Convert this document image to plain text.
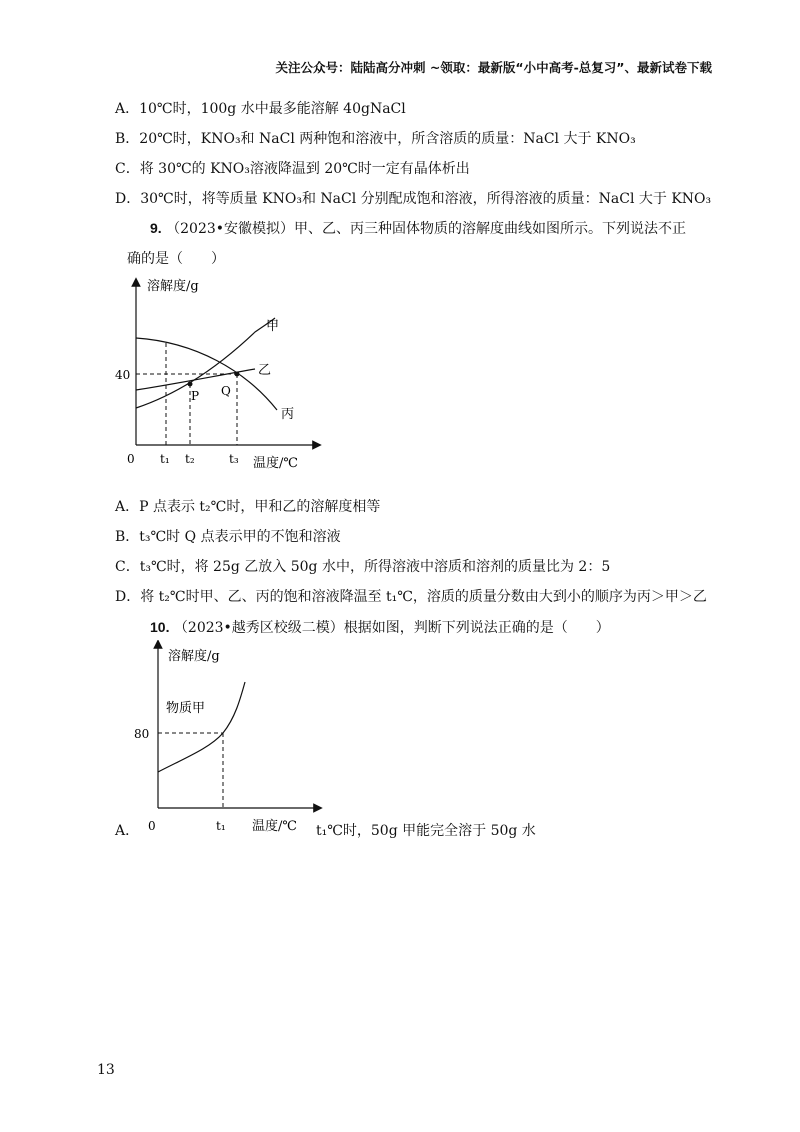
关注公众号：陆陆高分冲刺 ~领取：最新版“小中高考-总复习”、最新试卷下载
A．10℃时，100g 水中最多能溶解 40gNaCl
B．20℃时，KNO₃和 NaCl 两种饱和溶液中，所含溶质的质量：NaCl 大于 KNO₃
C．将 30℃的 KNO₃溶液降温到 20℃时一定有晶体析出
D．30℃时，将等质量 KNO₃和 NaCl 分别配成饱和溶液，所得溶液的质量：NaCl 大于 KNO₃
9. （2023•安徽模拟）甲、乙、丙三种固体物质的溶解度曲线如图所示。下列说法不正
确的是（　　）
溶解度/g
温度/℃
0
40
甲
乙
丙
P Q
t₁ t₂	t₃
A．P 点表示 t₂℃时，甲和乙的溶解度相等
B．t₃℃时 Q 点表示甲的不饱和溶液
C．t₃℃时，将 25g 乙放入 50g 水中，所得溶液中溶质和溶剂的质量比为 2：5
D．将 t₂℃时甲、乙、丙的饱和溶液降温至 t₁℃，溶质的质量分数由大到小的顺序为丙＞甲＞乙
10. （2023•越秀区校级二模）根据如图，判断下列说法正确的是（　　）
溶解度/g
温度/℃
0
80
t₁
物质甲
A．	t₁℃时，50g 甲能完全溶于 50g 水
13
